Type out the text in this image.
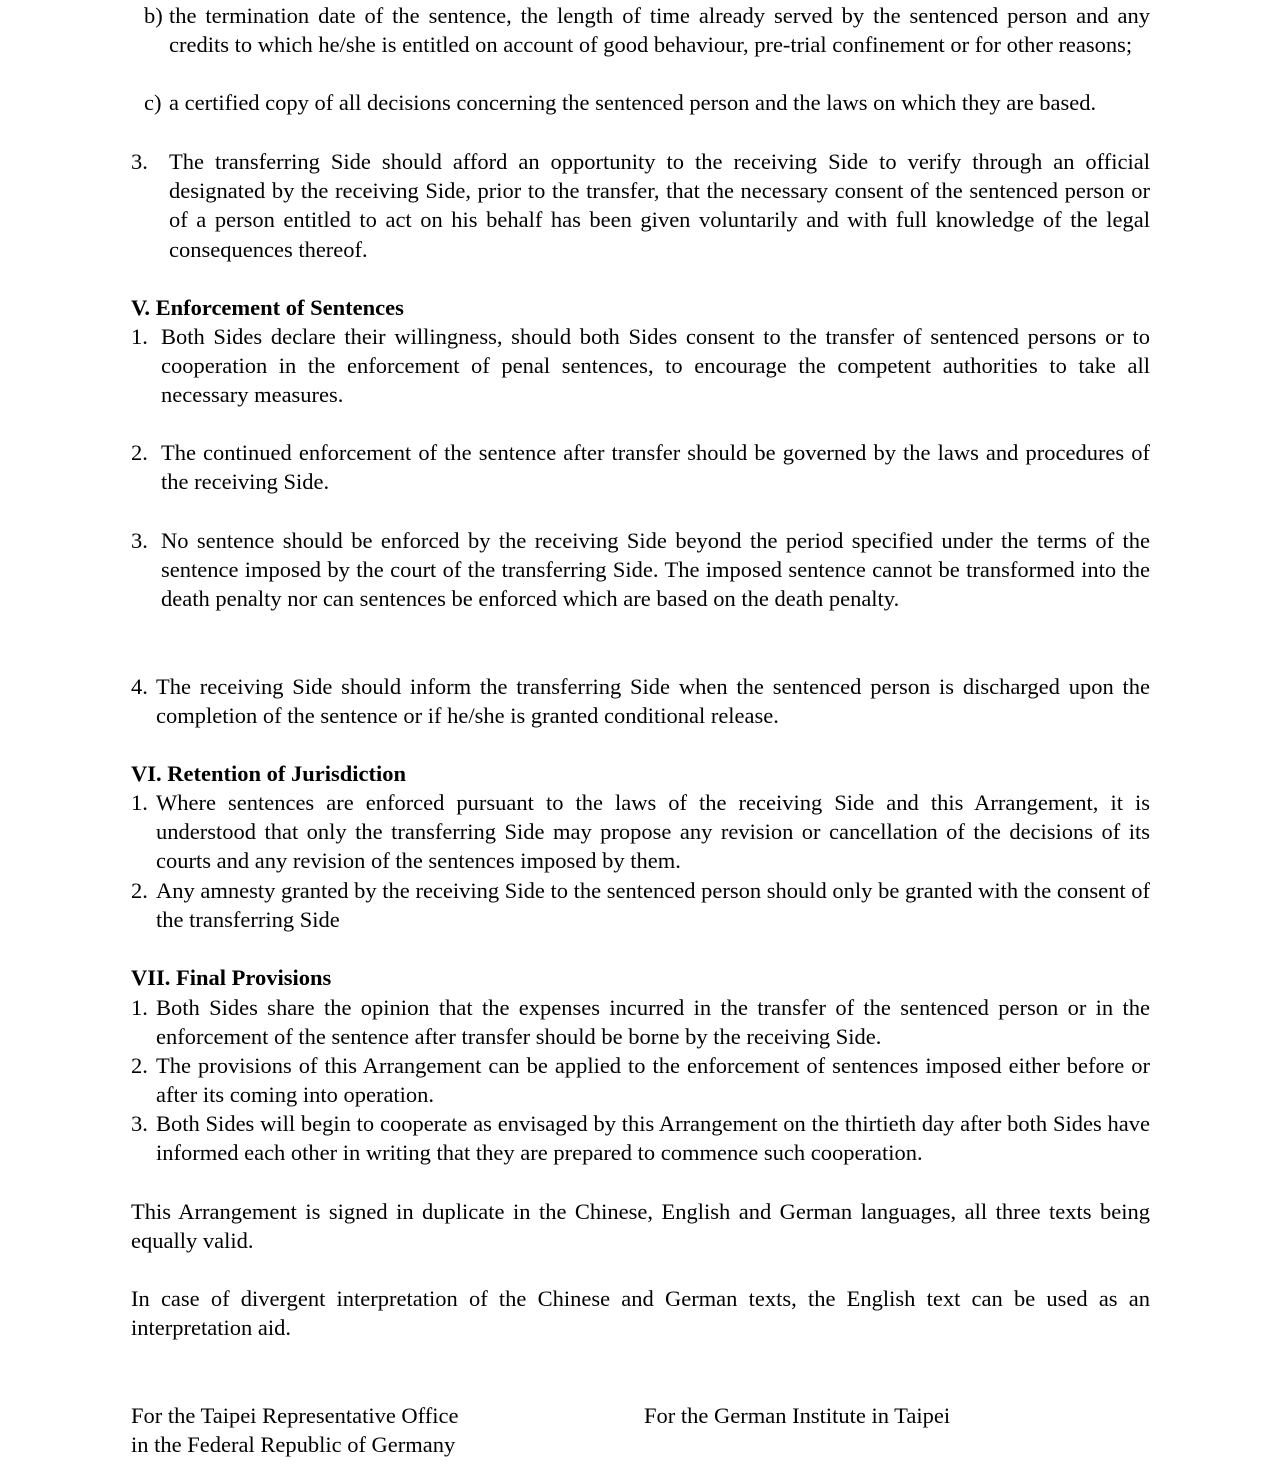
b) the termination date of the sentence, the length of time already served by the sentenced person and any credits to which he/she is entitled on account of good behaviour, pre-trial confinement or for other reasons;
c) a certified copy of all decisions concerning the sentenced person and the laws on which they are based.
3. The transferring Side should afford an opportunity to the receiving Side to verify through an official designated by the receiving Side, prior to the transfer, that the necessary consent of the sentenced person or of a person entitled to act on his behalf has been given voluntarily and with full knowledge of the legal consequences thereof.

V. Enforcement of Sentences

1. Both Sides declare their willingness, should both Sides consent to the transfer of sentenced persons or to cooperation in the enforcement of penal sentences, to encourage the competent authorities to take all necessary measures.
2. The continued enforcement of the sentence after transfer should be governed by the laws and procedures of the receiving Side.
3. No sentence should be enforced by the receiving Side beyond the period specified under the terms of the sentence imposed by the court of the transferring Side. The imposed sentence cannot be transformed into the death penalty nor can sentences be enforced which are based on the death penalty.
4. The receiving Side should inform the transferring Side when the sentenced person is discharged upon the completion of the sentence or if he/she is granted conditional release.

VI. Retention of Jurisdiction

1. Where sentences are enforced pursuant to the laws of the receiving Side and this Arrangement, it is understood that only the transferring Side may propose any revision or cancellation of the decisions of its courts and any revision of the sentences imposed by them.
2. Any amnesty granted by the receiving Side to the sentenced person should only be granted with the consent of the transferring Side

VII. Final Provisions

1. Both Sides share the opinion that the expenses incurred in the transfer of the sentenced person or in the enforcement of the sentence after transfer should be borne by the receiving Side.
2. The provisions of this Arrangement can be applied to the enforcement of sentences imposed either before or after its coming into operation.
3. Both Sides will begin to cooperate as envisaged by this Arrangement on the thirtieth day after both Sides have informed each other in writing that they are prepared to commence such cooperation.

This Arrangement is signed in duplicate in the Chinese, English and German languages, all three texts being equally valid.

In case of divergent interpretation of the Chinese and German texts, the English text can be used as an interpretation aid.

For the Taipei Representative Office

in the Federal Republic of Germany

For the German Institute in Taipei
